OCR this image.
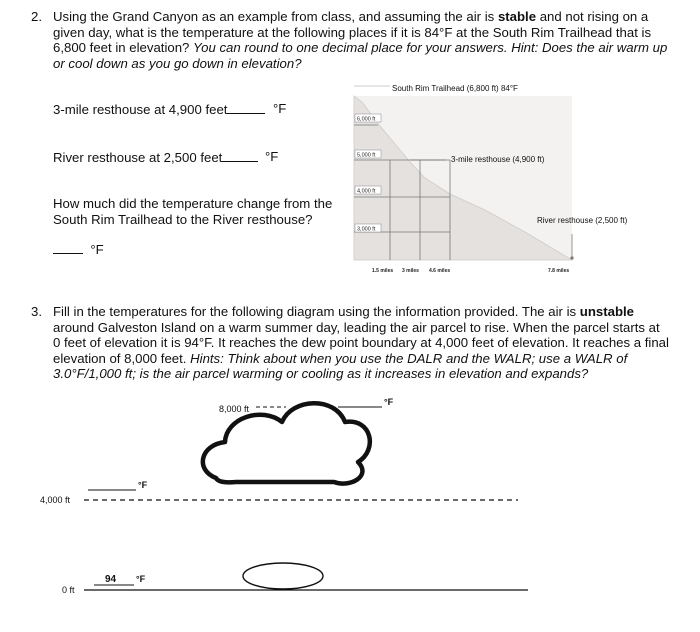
2. Using the Grand Canyon as an example from class, and assuming the air is stable and not rising on a
given day, what is the temperature at the following places if it is 84°F at the South Rim Trailhead that is
6,800 feet in elevation? You can round to one decimal place for your answers. Hint: Does the air warm up
or cool down as you go down in elevation?
3-mile resthouse at 4,900 feet	°F
River resthouse at 2,500 feet	°F
How much did the temperature change from the
South Rim Trailhead to the River resthouse?
°F
6,000 ft
5,000 ft
4,000 ft
3,000 ft
South Rim Trailhead (6,800 ft) 84°F
3-mile resthouse (4,900 ft)
River resthouse (2,500 ft)
1.5 miles 3 miles 4.6 miles	7.8 miles
3. Fill in the temperatures for the following diagram using the information provided. The air is unstable
around Galveston Island on a warm summer day, leading the air parcel to rise. When the parcel starts at
0 feet of elevation it is 94°F. It reaches the dew point boundary at 4,000 feet of elevation. It reaches a final
elevation of 8,000 feet. Hints: Think about when you use the DALR and the WALR; use a WALR of
3.0°F/1,000 ft; is the air parcel warming or cooling as it increases in elevation and expands?
8,000 ft
°F
°F
4,000 ft
94 °F
0 ft
